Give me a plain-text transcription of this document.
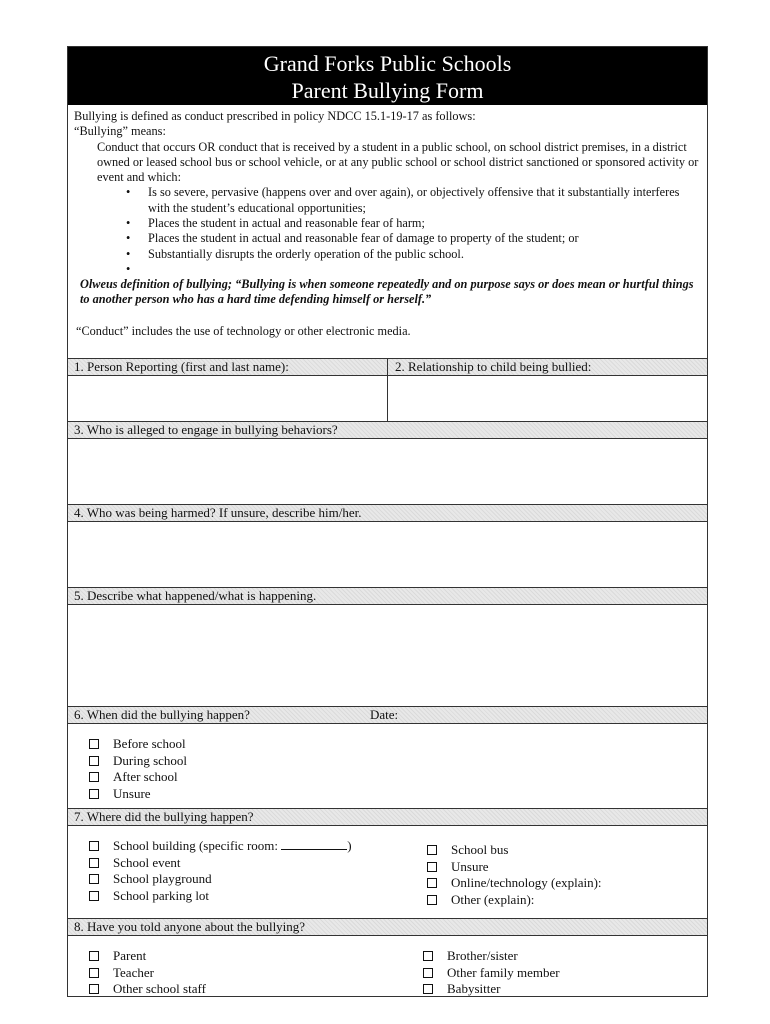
Grand Forks Public Schools
Parent Bullying Form

Bullying is defined as conduct prescribed in policy NDCC 15.1-19-17 as follows:

“Bullying” means:

Conduct that occurs OR conduct that is received by a student in a public school, on school district premises, in a district owned or leased school bus or school vehicle, or at any public school or school district sanctioned or sponsored activity or event and which:

• Is so severe, pervasive (happens over and over again), or objectively offensive that it substantially interferes with the student’s educational opportunities;
• Places the student in actual and reasonable fear of harm;
• Places the student in actual and reasonable fear of damage to property of the student; or
• Substantially disrupts the orderly operation of the public school.
•

Olweus definition of bullying; “Bullying is when someone repeatedly and on purpose says or does mean or hurtful things to another person who has a hard time defending himself or herself.”

“Conduct” includes the use of technology or other electronic media.

1. Person Reporting (first and last name):	2. Relationship to child being bullied:
3. Who is alleged to engage in bullying behaviors?
4. Who was being harmed? If unsure, describe him/her.
5. Describe what happened/what is happening.
6. When did the bullying happen?	Date:
Before school
During school
After school
Unsure
7. Where did the bullying happen?
School building (specific room:	)
School event
School playground
School parking lot
School bus
Unsure
Online/technology (explain):
Other (explain):
8. Have you told anyone about the bullying?
Parent
Teacher
Other school staff
Brother/sister
Other family member
Babysitter
